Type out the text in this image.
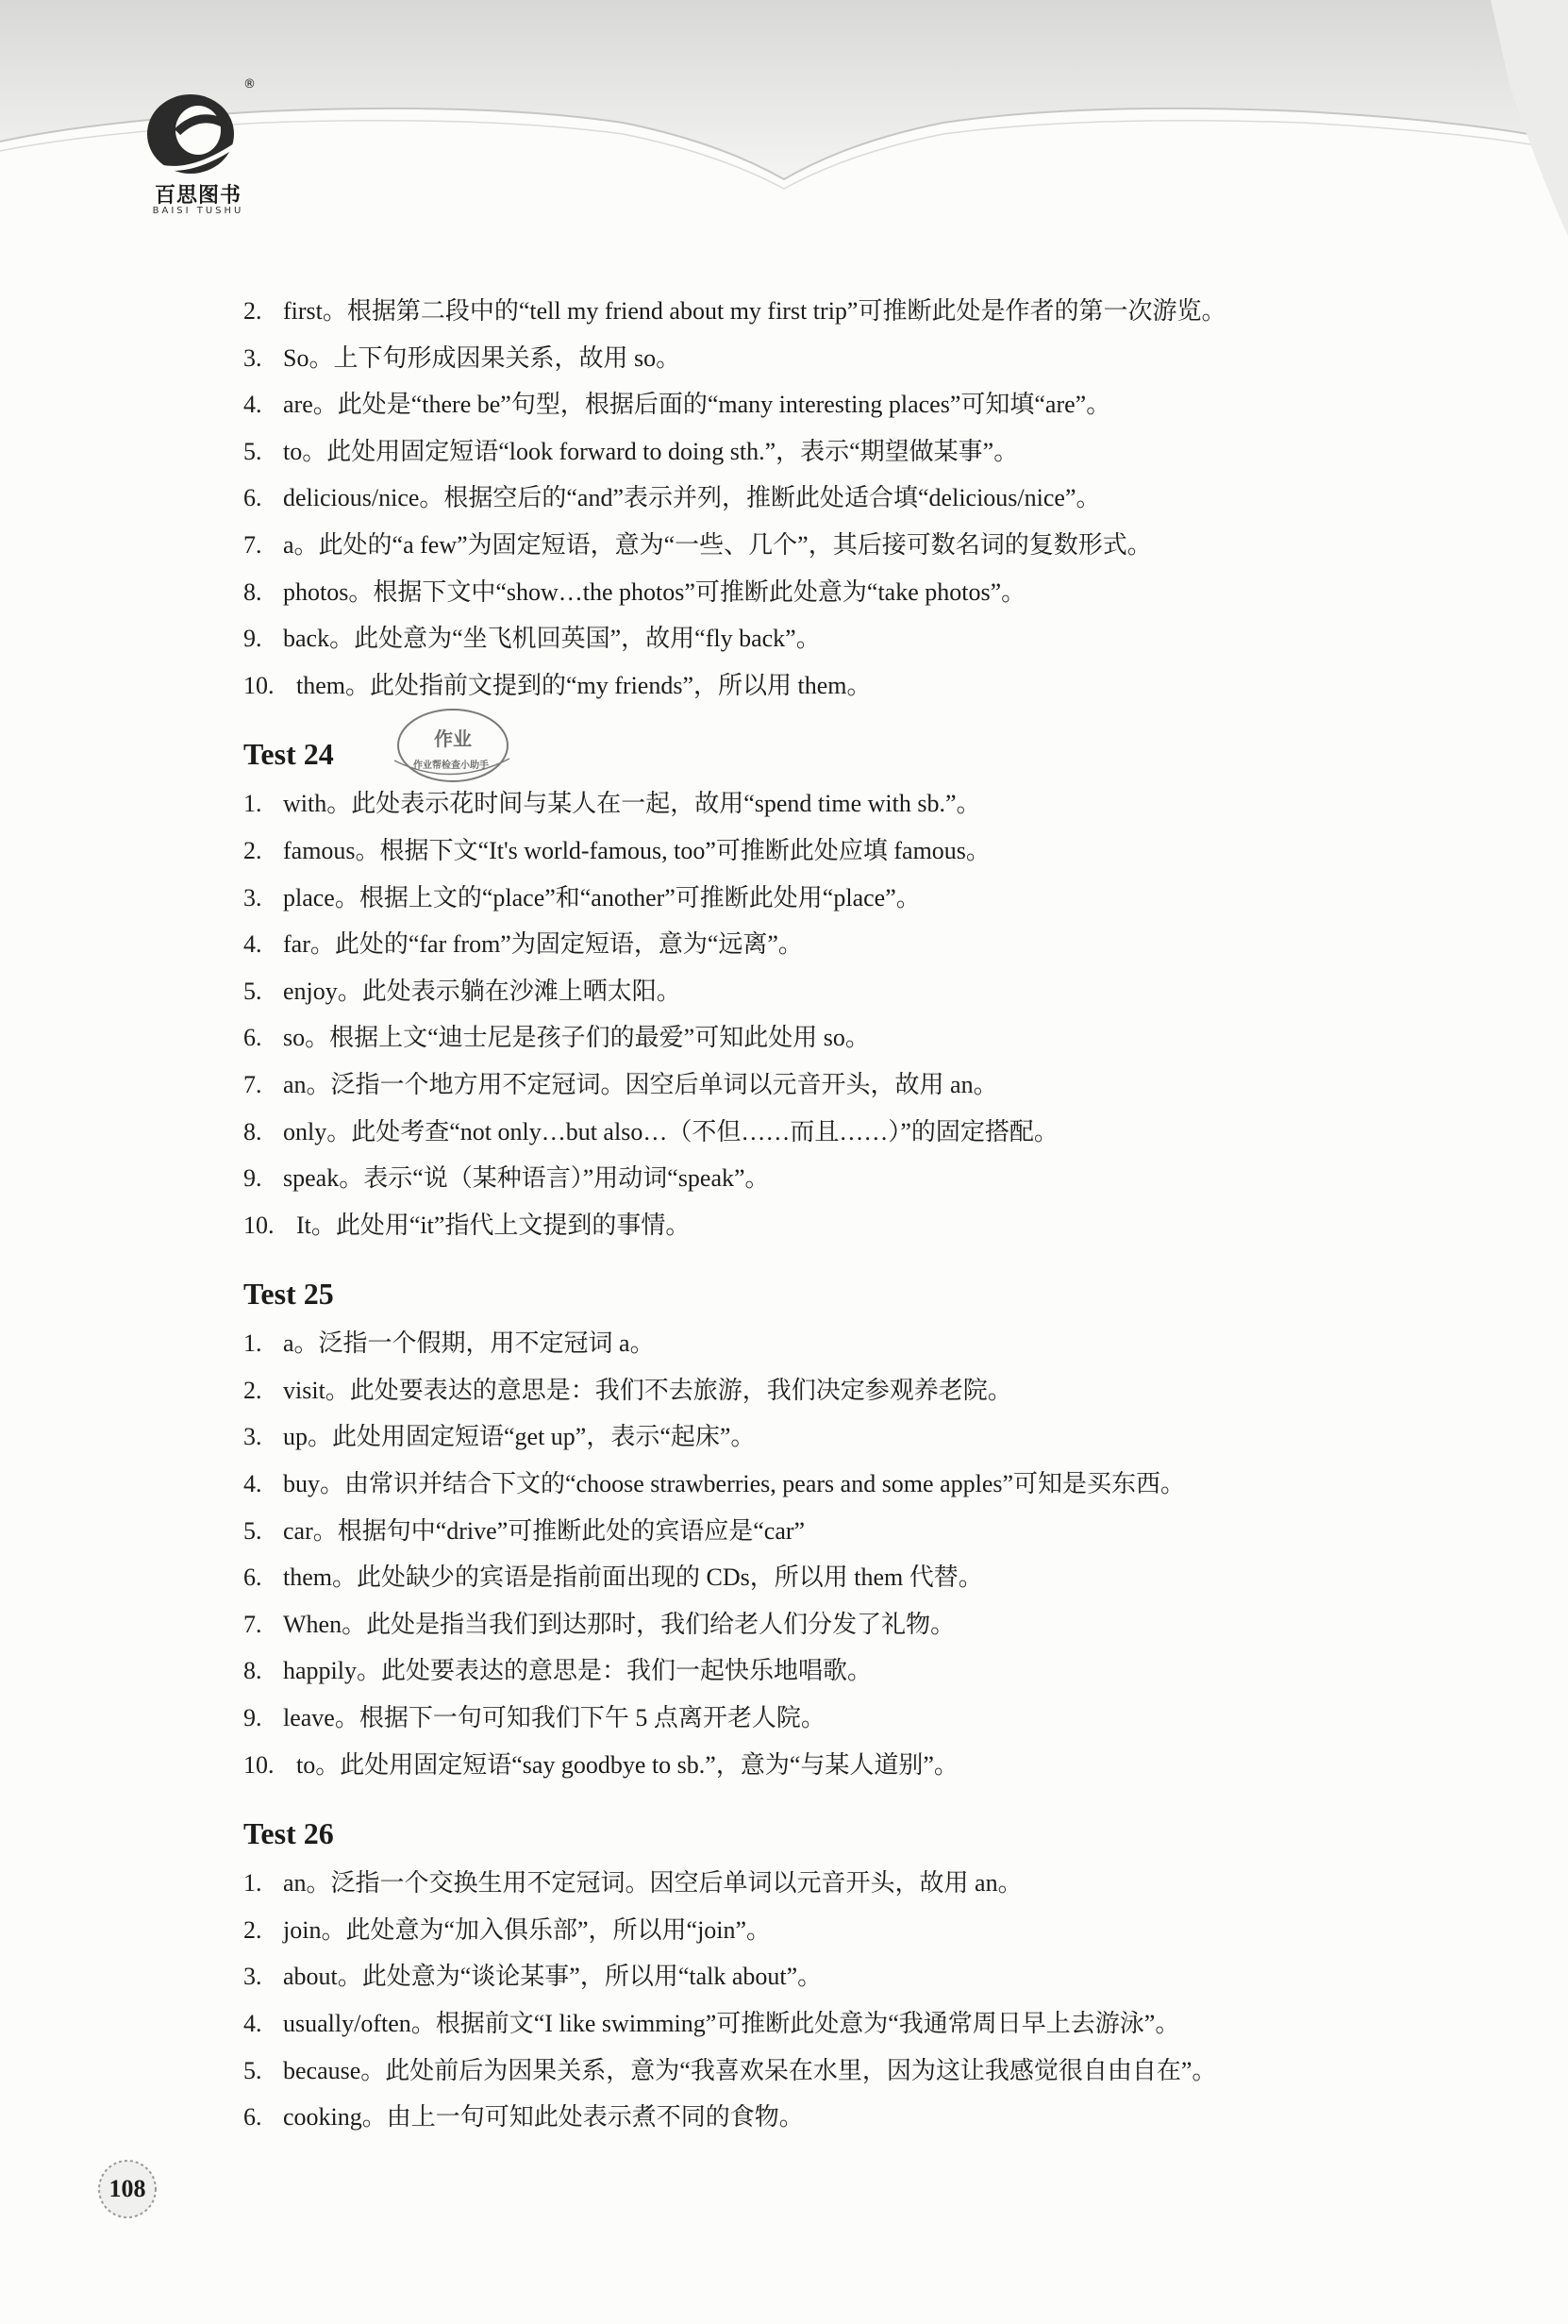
®
百思图书
BAISI TUSHU
2. first。根据第二段中的“tell my friend about my first trip”可推断此处是作者的第一次游览。
3. So。上下句形成因果关系，故用 so。
4. are。此处是“there be”句型，根据后面的“many interesting places”可知填“are”。
5. to。此处用固定短语“look forward to doing sth.”，表示“期望做某事”。
6. delicious/nice。根据空后的“and”表示并列，推断此处适合填“delicious/nice”。
7. a。此处的“a few”为固定短语，意为“一些、几个”，其后接可数名词的复数形式。
8. photos。根据下文中“show…the photos”可推断此处意为“take photos”。
9. back。此处意为“坐飞机回英国”，故用“fly back”。
10. them。此处指前文提到的“my friends”，所以用 them。
Test 24	作业
作业帮检查小助手
1. with。此处表示花时间与某人在一起，故用“spend time with sb.”。
2. famous。根据下文“It's world-famous, too”可推断此处应填 famous。
3. place。根据上文的“place”和“another”可推断此处用“place”。
4. far。此处的“far from”为固定短语，意为“远离”。
5. enjoy。此处表示躺在沙滩上晒太阳。
6. so。根据上文“迪士尼是孩子们的最爱”可知此处用 so。
7. an。泛指一个地方用不定冠词。因空后单词以元音开头，故用 an。
8. only。此处考查“not only…but also…（不但……而且……）”的固定搭配。
9. speak。表示“说（某种语言）”用动词“speak”。
10. It。此处用“it”指代上文提到的事情。
Test 25
1. a。泛指一个假期，用不定冠词 a。
2. visit。此处要表达的意思是：我们不去旅游，我们决定参观养老院。
3. up。此处用固定短语“get up”，表示“起床”。
4. buy。由常识并结合下文的“choose strawberries, pears and some apples”可知是买东西。
5. car。根据句中“drive”可推断此处的宾语应是“car”
6. them。此处缺少的宾语是指前面出现的 CDs，所以用 them 代替。
7. When。此处是指当我们到达那时，我们给老人们分发了礼物。
8. happily。此处要表达的意思是：我们一起快乐地唱歌。
9. leave。根据下一句可知我们下午 5 点离开老人院。
10. to。此处用固定短语“say goodbye to sb.”，意为“与某人道别”。
Test 26
1. an。泛指一个交换生用不定冠词。因空后单词以元音开头，故用 an。
2. join。此处意为“加入俱乐部”，所以用“join”。
3. about。此处意为“谈论某事”，所以用“talk about”。
4. usually/often。根据前文“I like swimming”可推断此处意为“我通常周日早上去游泳”。
5. because。此处前后为因果关系，意为“我喜欢呆在水里，因为这让我感觉很自由自在”。
6. cooking。由上一句可知此处表示煮不同的食物。
108
